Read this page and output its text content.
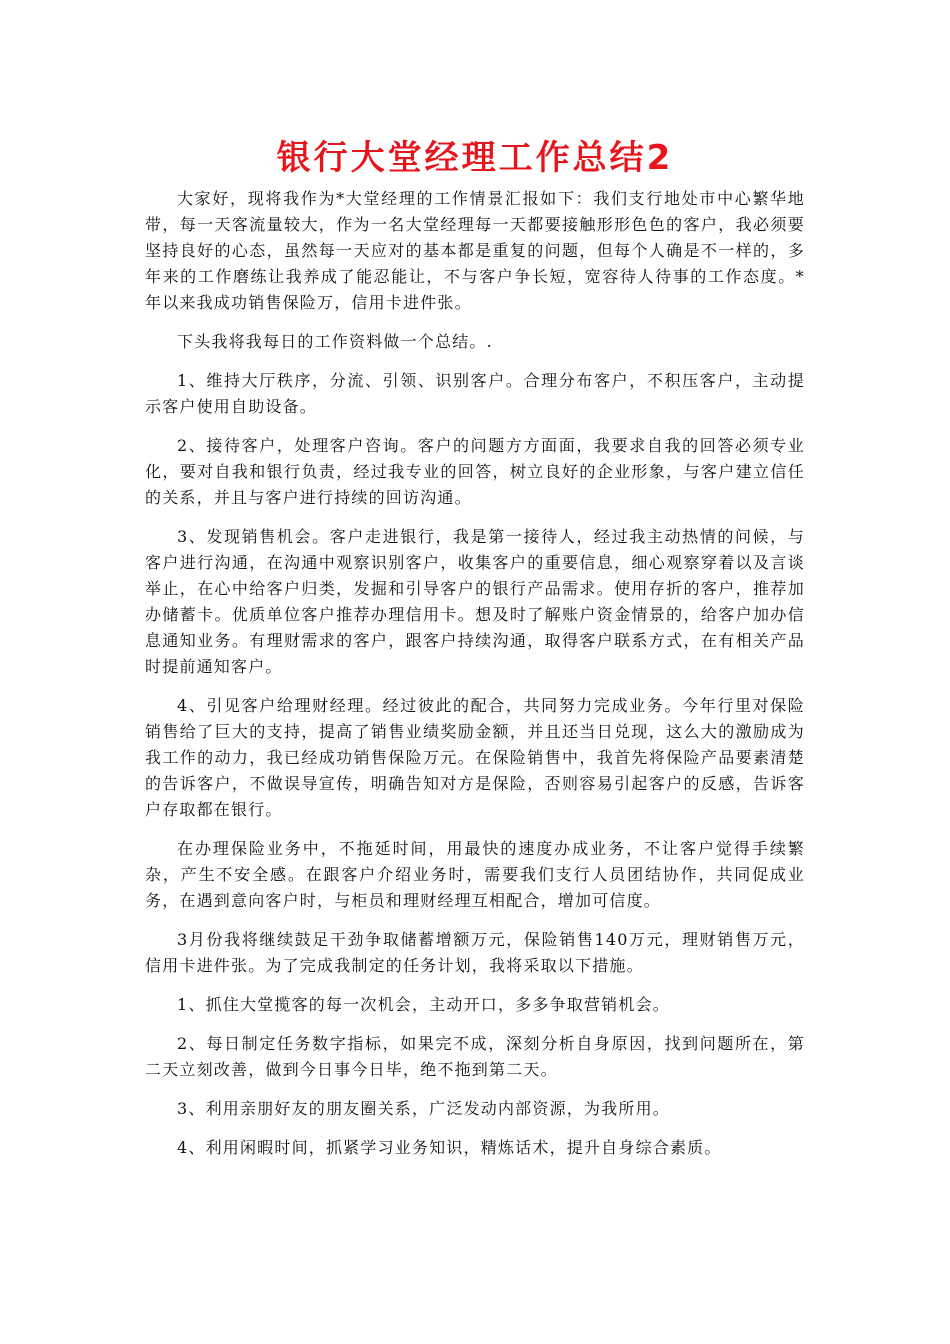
银行大堂经理工作总结2

大家好，现将我作为*大堂经理的工作情景汇报如下：我们支行地处市中心繁华地带，每一天客流量较大，作为一名大堂经理每一天都要接触形形色色的客户，我必须要坚持良好的心态，虽然每一天应对的基本都是重复的问题，但每个人确是不一样的，多年来的工作磨练让我养成了能忍能让，不与客户争长短，宽容待人待事的工作态度。*年以来我成功销售保险万，信用卡进件张。

下头我将我每日的工作资料做一个总结。.

1、维持大厅秩序，分流、引领、识别客户。合理分布客户，不积压客户，主动提示客户使用自助设备。

2、接待客户，处理客户咨询。客户的问题方方面面，我要求自我的回答必须专业化，要对自我和银行负责，经过我专业的回答，树立良好的企业形象，与客户建立信任的关系，并且与客户进行持续的回访沟通。

3、发现销售机会。客户走进银行，我是第一接待人，经过我主动热情的问候，与客户进行沟通，在沟通中观察识别客户，收集客户的重要信息，细心观察穿着以及言谈举止，在心中给客户归类，发掘和引导客户的银行产品需求。使用存折的客户，推荐加办储蓄卡。优质单位客户推荐办理信用卡。想及时了解账户资金情景的，给客户加办信息通知业务。有理财需求的客户，跟客户持续沟通，取得客户联系方式，在有相关产品时提前通知客户。

4、引见客户给理财经理。经过彼此的配合，共同努力完成业务。今年行里对保险销售给了巨大的支持，提高了销售业绩奖励金额，并且还当日兑现，这么大的激励成为我工作的动力，我已经成功销售保险万元。在保险销售中，我首先将保险产品要素清楚的告诉客户，不做误导宣传，明确告知对方是保险，否则容易引起客户的反感，告诉客户存取都在银行。

在办理保险业务中，不拖延时间，用最快的速度办成业务，不让客户觉得手续繁杂，产生不安全感。在跟客户介绍业务时，需要我们支行人员团结协作，共同促成业务，在遇到意向客户时，与柜员和理财经理互相配合，增加可信度。

3月份我将继续鼓足干劲争取储蓄增额万元，保险销售140万元，理财销售万元，信用卡进件张。为了完成我制定的任务计划，我将采取以下措施。

1、抓住大堂揽客的每一次机会，主动开口，多多争取营销机会。

2、每日制定任务数字指标，如果完不成，深刻分析自身原因，找到问题所在，第二天立刻改善，做到今日事今日毕，绝不拖到第二天。

3、利用亲朋好友的朋友圈关系，广泛发动内部资源，为我所用。

4、利用闲暇时间，抓紧学习业务知识，精炼话术，提升自身综合素质。
